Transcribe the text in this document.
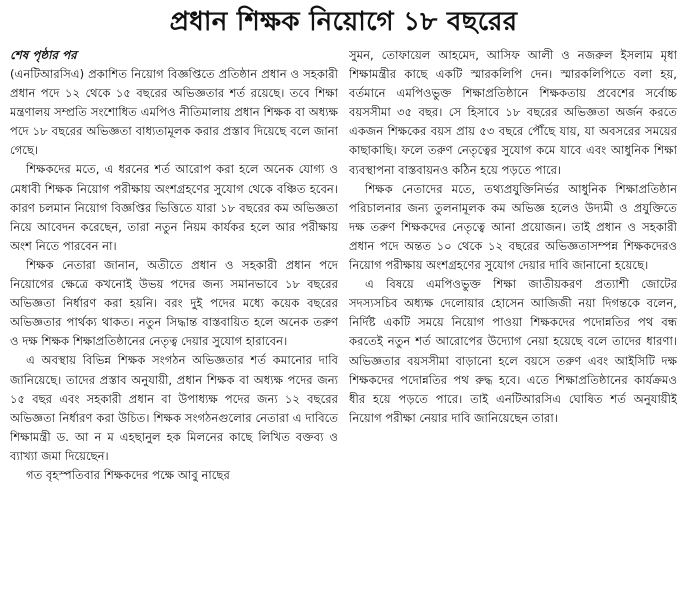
প্রধান শিক্ষক নিয়োগে ১৮ বছরের
শেষ পৃষ্ঠার পর

(এনটিআরসিএ) প্রকাশিত নিয়োগ বিজ্ঞপ্তিতে প্রতিষ্ঠান প্রধান ও সহকারী প্রধান পদে ১২ থেকে ১৫ বছরের অভিজ্ঞতার শর্ত রয়েছে। তবে শিক্ষা মন্ত্রণালয় সম্প্রতি সংশোধিত এমপিও নীতিমালায় প্রধান শিক্ষক বা অধ্যক্ষ পদে ১৮ বছরের অভিজ্ঞতা বাধ্যতামূলক করার প্রস্তাব দিয়েছে বলে জানা গেছে।

শিক্ষকদের মতে, এ ধরনের শর্ত আরোপ করা হলে অনেক যোগ্য ও মেধাবী শিক্ষক নিয়োগ পরীক্ষায় অংশগ্রহণের সুযোগ থেকে বঞ্চিত হবেন। কারণ চলমান নিয়োগ বিজ্ঞপ্তির ভিত্তিতে যারা ১৮ বছরের কম অভিজ্ঞতা নিয়ে আবেদন করেছেন, তারা নতুন নিয়ম কার্যকর হলে আর পরীক্ষায় অংশ নিতে পারবেন না।

শিক্ষক নেতারা জানান, অতীতে প্রধান ও সহকারী প্রধান পদে নিয়োগের ক্ষেত্রে কখনোই উভয় পদের জন্য সমানভাবে ১৮ বছরের অভিজ্ঞতা নির্ধারণ করা হয়নি। বরং দুই পদের মধ্যে কয়েক বছরের অভিজ্ঞতার পার্থক্য থাকত। নতুন সিদ্ধান্ত বাস্তবায়িত হলে অনেক তরুণ ও দক্ষ শিক্ষক শিক্ষাপ্রতিষ্ঠানের নেতৃত্ব দেয়ার সুযোগ হারাবেন।

এ অবস্থায় বিভিন্ন শিক্ষক সংগঠন অভিজ্ঞতার শর্ত কমানোর দাবি জানিয়েছে। তাদের প্রস্তাব অনুযায়ী, প্রধান শিক্ষক বা অধ্যক্ষ পদের জন্য ১৫ বছর এবং সহকারী প্রধান বা উপাধ্যক্ষ পদের জন্য ১২ বছরের অভিজ্ঞতা নির্ধারণ করা উচিত। শিক্ষক সংগঠনগুলোর নেতারা এ দাবিতে শিক্ষামন্ত্রী ড. আ ন ম এহছানুল হক মিলনের কাছে লিখিত বক্তব্য ও ব্যাখ্যা জমা দিয়েছেন।

গত বৃহস্পতিবার শিক্ষকদের পক্ষে আবু নাছের

সুমন, তোফায়েল আহমেদ, আসিফ আলী ও নজরুল ইসলাম মৃধা শিক্ষামন্ত্রীর কাছে একটি স্মারকলিপি দেন। স্মারকলিপিতে বলা হয়, বর্তমানে এমপিওভুক্ত শিক্ষাপ্রতিষ্ঠানে শিক্ষকতায় প্রবেশের সর্বোচ্চ বয়সসীমা ৩৫ বছর। সে হিসাবে ১৮ বছরের অভিজ্ঞতা অর্জন করতে একজন শিক্ষকের বয়স প্রায় ৫৩ বছরে পৌঁছে যায়, যা অবসরের সময়ের কাছাকাছি। ফলে তরুণ নেতৃত্বের সুযোগ কমে যাবে এবং আধুনিক শিক্ষা ব্যবস্থাপনা বাস্তবায়নও কঠিন হয়ে পড়তে পারে।

শিক্ষক নেতাদের মতে, তথ্যপ্রযুক্তিনির্ভর আধুনিক শিক্ষাপ্রতিষ্ঠান পরিচালনার জন্য তুলনামূলক কম অভিজ্ঞ হলেও উদ্যমী ও প্রযুক্তিতে দক্ষ তরুণ শিক্ষকদের নেতৃত্বে আনা প্রয়োজন। তাই প্রধান ও সহকারী প্রধান পদে অন্তত ১০ থেকে ১২ বছরের অভিজ্ঞতাসম্পন্ন শিক্ষকদেরও নিয়োগ পরীক্ষায় অংশগ্রহণের সুযোগ দেয়ার দাবি জানানো হয়েছে।

এ বিষয়ে এমপিওভুক্ত শিক্ষা জাতীয়করণ প্রত্যাশী জোটের সদস্যসচিব অধ্যক্ষ দেলোয়ার হোসেন আজিজী নয়া দিগন্তকে বলেন, নির্দিষ্ট একটি সময়ে নিয়োগ পাওয়া শিক্ষকদের পদোন্নতির পথ বন্ধ করতেই নতুন শর্ত আরোপের উদ্যোগ নেয়া হয়েছে বলে তাদের ধারণা। অভিজ্ঞতার বয়সসীমা বাড়ানো হলে বয়সে তরুণ এবং আইসিটি দক্ষ শিক্ষকদের পদোন্নতির পথ রুদ্ধ হবে। এতে শিক্ষাপ্রতিষ্ঠানের কার্যক্রমও ধীর হয়ে পড়তে পারে। তাই এনটিআরসিএ ঘোষিত শর্ত অনুযায়ীই নিয়োগ পরীক্ষা নেয়ার দাবি জানিয়েছেন তারা।
